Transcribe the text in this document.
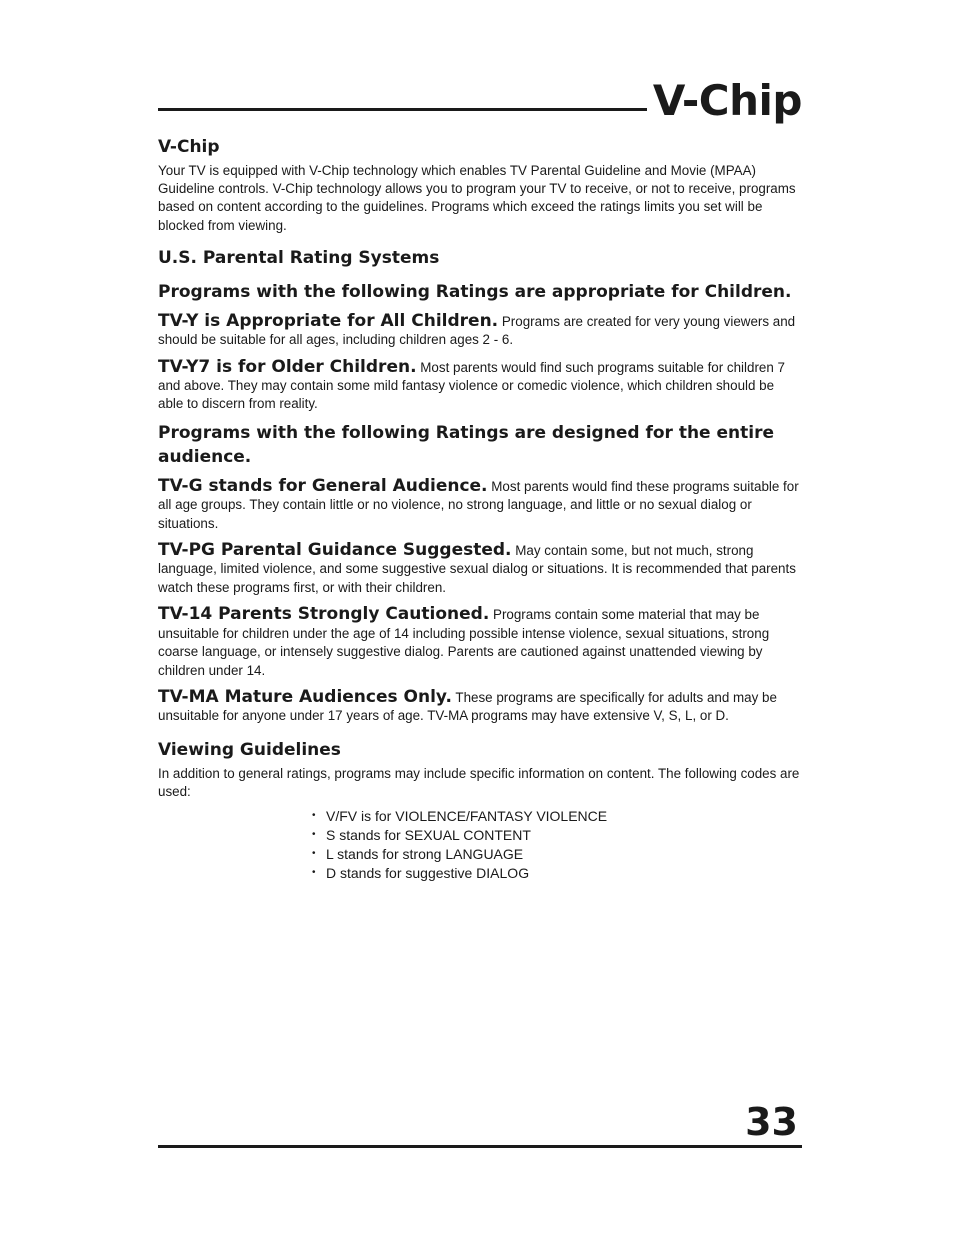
V-Chip
V-Chip

Your TV is equipped with V-Chip technology which enables TV Parental Guideline and Movie (MPAA) Guideline controls. V-Chip technology allows you to program your TV to receive, or not to receive, programs based on content according to the guidelines. Programs which exceed the ratings limits you set will be blocked from viewing.

U.S. Parental Rating Systems
Programs with the following Ratings are appropriate for Children.

TV-Y is Appropriate for All Children. Programs are created for very young viewers and should be suitable for all ages, including children ages 2 - 6.

TV-Y7 is for Older Children. Most parents would find such programs suitable for children 7 and above. They may contain some mild fantasy violence or comedic violence, which children should be able to discern from reality.

Programs with the following Ratings are designed for the entire audience.

TV-G stands for General Audience. Most parents would find these programs suitable for all age groups. They contain little or no violence, no strong language, and little or no sexual dialog or situations.

TV-PG Parental Guidance Suggested. May contain some, but not much, strong language, limited violence, and some suggestive sexual dialog or situations. It is recommended that parents watch these programs first, or with their children.

TV-14 Parents Strongly Cautioned. Programs contain some material that may be unsuitable for children under the age of 14 including possible intense violence, sexual situations, strong coarse language, or intensely suggestive dialog. Parents are cautioned against unattended viewing by children under 14.

TV-MA Mature Audiences Only. These programs are specifically for adults and may be unsuitable for anyone under 17 years of age. TV-MA programs may have extensive V, S, L, or D.

Viewing Guidelines

In addition to general ratings, programs may include specific information on content. The following codes are used:

• V/FV is for VIOLENCE/FANTASY VIOLENCE
• S stands for SEXUAL CONTENT
• L stands for strong LANGUAGE
• D stands for suggestive DIALOG
33
